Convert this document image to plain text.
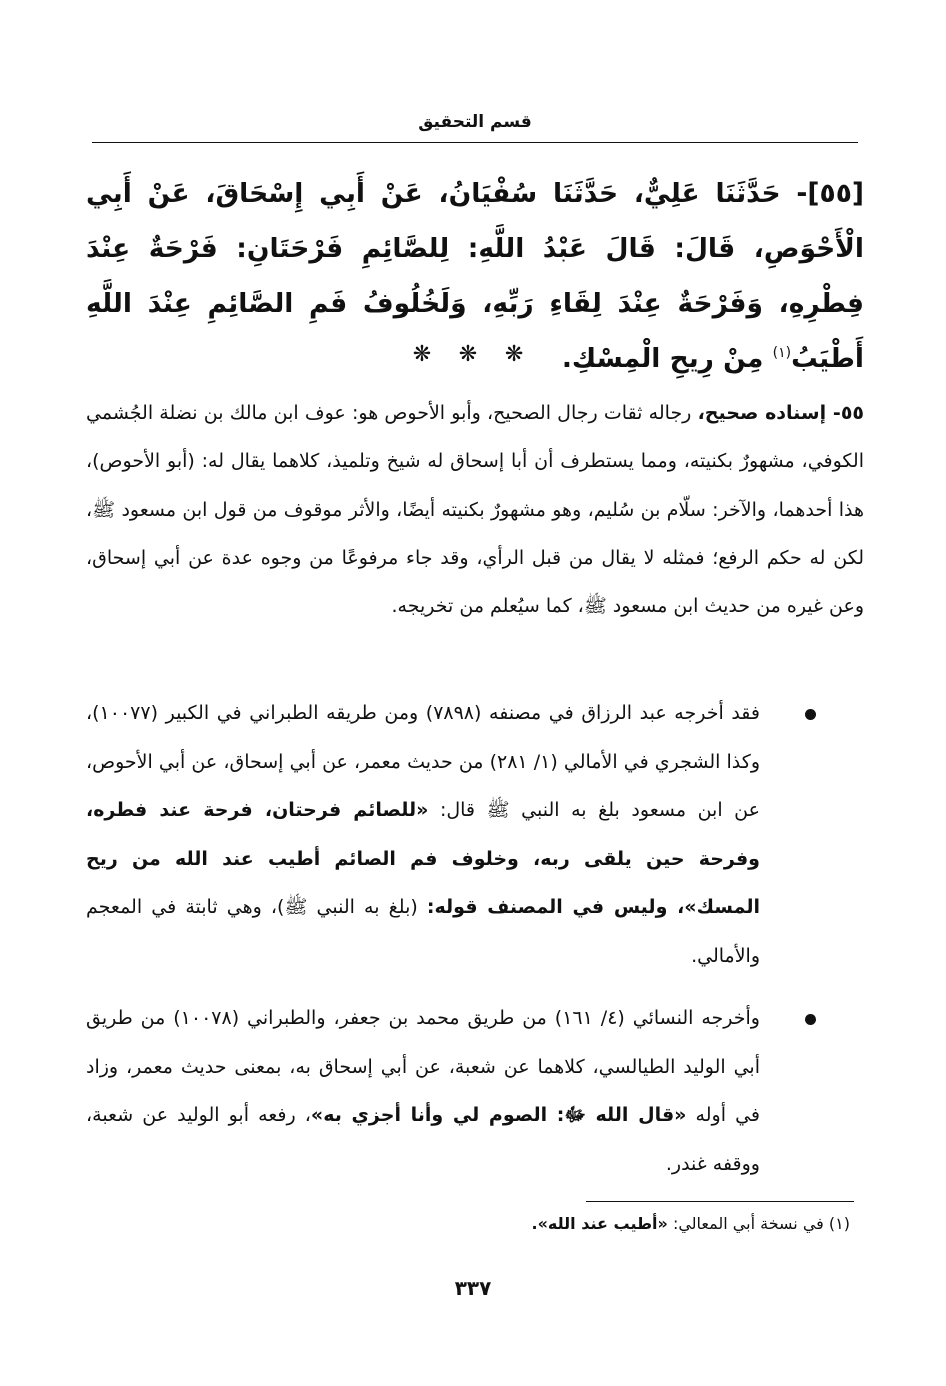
قسم التحقيق
[٥٥]- حَدَّثَنَا عَلِيٌّ، حَدَّثَنَا سُفْيَانُ، عَنْ أَبِي إِسْحَاقَ، عَنْ أَبِي الْأَحْوَصِ، قَالَ: قَالَ عَبْدُ اللَّهِ: لِلصَّائِمِ فَرْحَتَانِ: فَرْحَةٌ عِنْدَ فِطْرِهِ، وَفَرْحَةٌ عِنْدَ لِقَاءِ رَبِّهِ، وَلَخُلُوفُ فَمِ الصَّائِمِ عِنْدَ اللَّهِ أَطْيَبُ$^{(١)}$ مِنْ رِيحِ الْمِسْكِ.
❋ ❋ ❋
٥٥- إسناده صحيح، رجاله ثقات رجال الصحيح، وأبو الأحوص هو: عوف ابن مالك بن نضلة الجُشمي الكوفي، مشهورٌ بكنيته، ومما يستطرف أن أبا إسحاق له شيخ وتلميذ، كلاهما يقال له: (أبو الأحوص)، هذا أحدهما، والآخر: سلّام بن سُليم، وهو مشهورٌ بكنيته أيضًا، والأثر موقوف من قول ابن مسعود ﷺ، لكن له حكم الرفع؛ فمثله لا يقال من قبل الرأي، وقد جاء مرفوعًا من وجوه عدة عن أبي إسحاق، وعن غيره من حديث ابن مسعود ﷺ، كما سيُعلم من تخريجه.
فقد أخرجه عبد الرزاق في مصنفه (٧٨٩٨) ومن طريقه الطبراني في الكبير (١٠٠٧٧)، وكذا الشجري في الأمالي (١/ ٢٨١) من حديث معمر، عن أبي إسحاق، عن أبي الأحوص، عن ابن مسعود بلغ به النبي ﷺ قال: «للصائم فرحتان، فرحة عند فطره، وفرحة حين يلقى ربه، وخلوف فم الصائم أطيب عند الله من ريح المسك»، وليس في المصنف قوله: (بلغ به النبي ﷺ)، وهي ثابتة في المعجم والأمالي.
وأخرجه النسائي (٤/ ١٦١) من طريق محمد بن جعفر، والطبراني (١٠٠٧٨) من طريق أبي الوليد الطيالسي، كلاهما عن شعبة، عن أبي إسحاق به، بمعنى حديث معمر، وزاد في أوله «قال الله ﷻ: الصوم لي وأنا أجزي به»، رفعه أبو الوليد عن شعبة، ووقفه غندر.
(١) في نسخة أبي المعالي: «أطيب عند الله».
٣٣٧
